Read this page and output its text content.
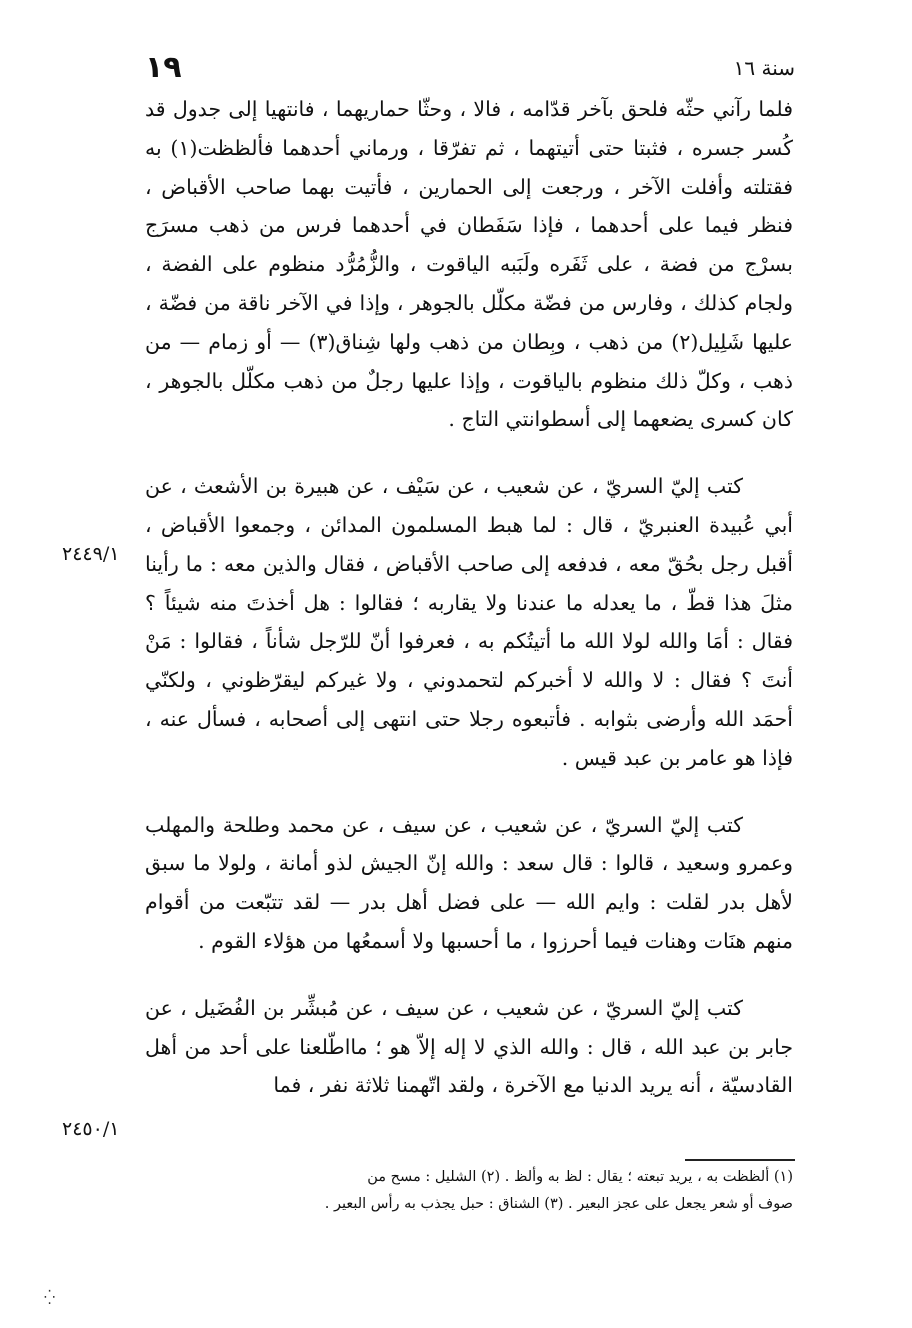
١٩	سنة ١٦

فلما رآني حثّه فلحق بآخر قدّامه ، فالا ، وحثّا حماريهما ، فانتهيا إلى جدول قد كُسر جسره ، فثبتا حتى أتيتهما ، ثم تفرّقا ، ورماني أحدهما فألظظت(١) به فقتلته وأفلت الآخر ، ورجعت إلى الحمارين ، فأتيت بهما صاحب الأقباض ، فنظر فيما على أحدهما ، فإذا سَفَطان في أحدهما فرس من ذهب مسرَج بسرْج من فضة ، على ثَفَره ولَبَبه الياقوت ، والزُّمُرُّد منظوم على الفضة ، ولجام كذلك ، وفارس من فضّة مكلّل بالجوهر ، وإذا في الآخر ناقة من فضّة ، عليها شَلِيل(٢) من ذهب ، وبِطان من ذهب ولها شِناق(٣) — أو زمام — من ذهب ، وكلّ ذلك منظوم بالياقوت ، وإذا عليها رجلٌ من ذهب مكلّل بالجوهر ، كان كسرى يضعهما إلى أسطوانتي التاج .

كتب إليّ السريّ ، عن شعيب ، عن سَيْف ، عن هبيرة بن الأشعث ، عن أبي عُبيدة العنبريّ ، قال : لما هبط المسلمون المدائن ، وجمعوا الأقباض ، أقبل رجل بحُقّ معه ، فدفعه إلى صاحب الأقباض ، فقال والذين معه : ما رأينا مثلَ هذا قطّ ، ما يعدله ما عندنا ولا يقاربه ؛ فقالوا : هل أخذتَ منه شيئاً ؟ فقال : أمَا والله لولا الله ما أتيتُكم به ، فعرفوا أنّ للرّجل شأناً ، فقالوا : مَنْ أنتَ ؟ فقال : لا والله لا أخبركم لتحمدوني ، ولا غيركم ليقرّظوني ، ولكنّي أحمَد الله وأرضى بثوابه . فأتبعوه رجلا حتى انتهى إلى أصحابه ، فسأل عنه ، فإذا هو عامر بن عبد قيس .

كتب إليّ السريّ ، عن شعيب ، عن سيف ، عن محمد وطلحة والمهلب وعمرو وسعيد ، قالوا : قال سعد : والله إنّ الجيش لذو أمانة ، ولولا ما سبق لأهل بدر لقلت : وايم الله — على فضل أهل بدر — لقد تتبّعت من أقوام منهم هنَات وهنات فيما أحرزوا ، ما أحسبها ولا أسمعُها من هؤلاء القوم .

كتب إليّ السريّ ، عن شعيب ، عن سيف ، عن مُبشِّر بن الفُضَيل ، عن جابر بن عبد الله ، قال : والله الذي لا إله إلاّ هو ؛ مااطّلعنا على أحد من أهل القادسيّة ، أنه يريد الدنيا مع الآخرة ، ولقد اتّهمنا ثلاثة نفر ، فما

٢٤٤٩/١
٢٤٥٠/١

(١) ألظظت به ، يريد تبعته ؛ يقال : لظ به وألظ . (٢) الشليل : مسح من

صوف أو شعر يجعل على عجز البعير . (٣) الشناق : حبل يجذب به رأس البعير .

⁛
